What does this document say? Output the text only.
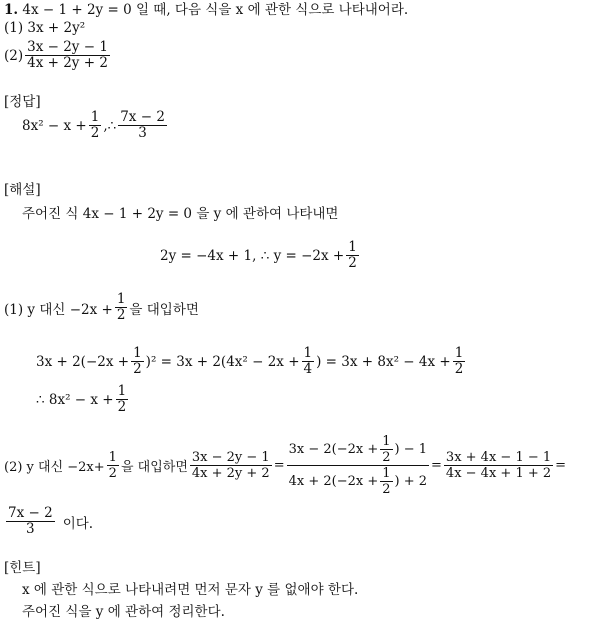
1. 4x − 1 + 2y = 0 일 때, 다음 식을 x 에 관한 식으로 나타내어라.
(1) 3x + 2y²
$(2) \frac{3x - 2y - 1}{4x + 2y + 2}$
[정답]
$8x^2 - x + \frac{1}{2}$ ,∴ $\frac{7x - 2}{3}$
[해설]
주어진 식 4x − 1 + 2y = 0 을 y 에 관하여 나타내면
2y = −4x + 1, ∴ $y = -2x + \frac{1}{2}$
(1) y 대신 $-2x + \frac{1}{2}$ 을 대입하면
$3x + 2(-2x + \frac{1}{2} )^2 = 3x + 2(4x^2 - 2x + \frac{1}{4}$ ) = $3x + 8x^2 - 4x + \frac{1}{2}$
∴ $8x^2 - x + \frac{1}{2}$
(2) y 대신 $-2x+ \frac{1}{2}$ 을 대입하면 $\frac{3x - 2y - 1}{4x + 2y + 2} = \frac{3x - 2(-2x + \frac{1}{2} ) - 1}{4x + 2(-2x + \frac{1}{2} ) + 2} = \frac{3x + 4x - 1 - 1}{4x - 4x + 1 + 2}$ =
$\frac{7x - 2}{3}$ 이다.
[힌트]
x 에 관한 식으로 나타내려면 먼저 문자 y 를 없애야 한다.
주어진 식을 y 에 관하여 정리한다.
